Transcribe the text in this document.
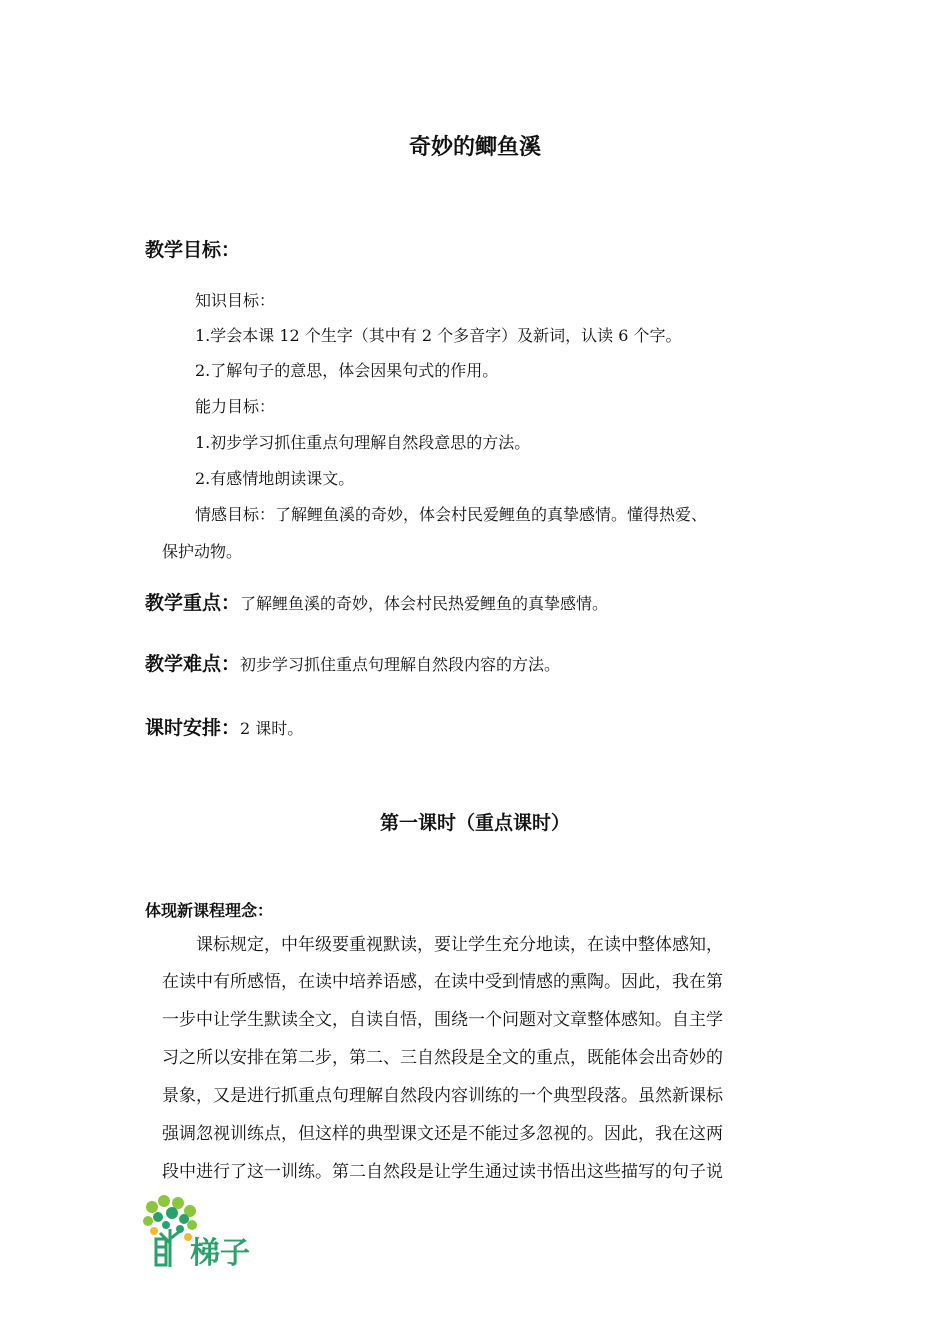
奇妙的鲫鱼溪
教学目标：
知识目标：
1.学会本课 12 个生字（其中有 2 个多音字）及新词，认读 6 个字。
2.了解句子的意思，体会因果句式的作用。
能力目标：
1.初步学习抓住重点句理解自然段意思的方法。
2.有感情地朗读课文。
情感目标：了解鲤鱼溪的奇妙，体会村民爱鲤鱼的真挚感情。懂得热爱、
保护动物。
教学重点：了解鲤鱼溪的奇妙，体会村民热爱鲤鱼的真挚感情。
教学难点：初步学习抓住重点句理解自然段内容的方法。
课时安排：2 课时。
第一课时（重点课时）
体现新课程理念：
　　课标规定，中年级要重视默读，要让学生充分地读，在读中整体感知，
在读中有所感悟，在读中培养语感，在读中受到情感的熏陶。因此，我在第
一步中让学生默读全文，自读自悟，围绕一个问题对文章整体感知。自主学
习之所以安排在第二步，第二、三自然段是全文的重点，既能体会出奇妙的
景象，又是进行抓重点句理解自然段内容训练的一个典型段落。虽然新课标
强调忽视训练点，但这样的典型课文还是不能过多忽视的。因此，我在这两
段中进行了这一训练。第二自然段是让学生通过读书悟出这些描写的句子说
梯子
